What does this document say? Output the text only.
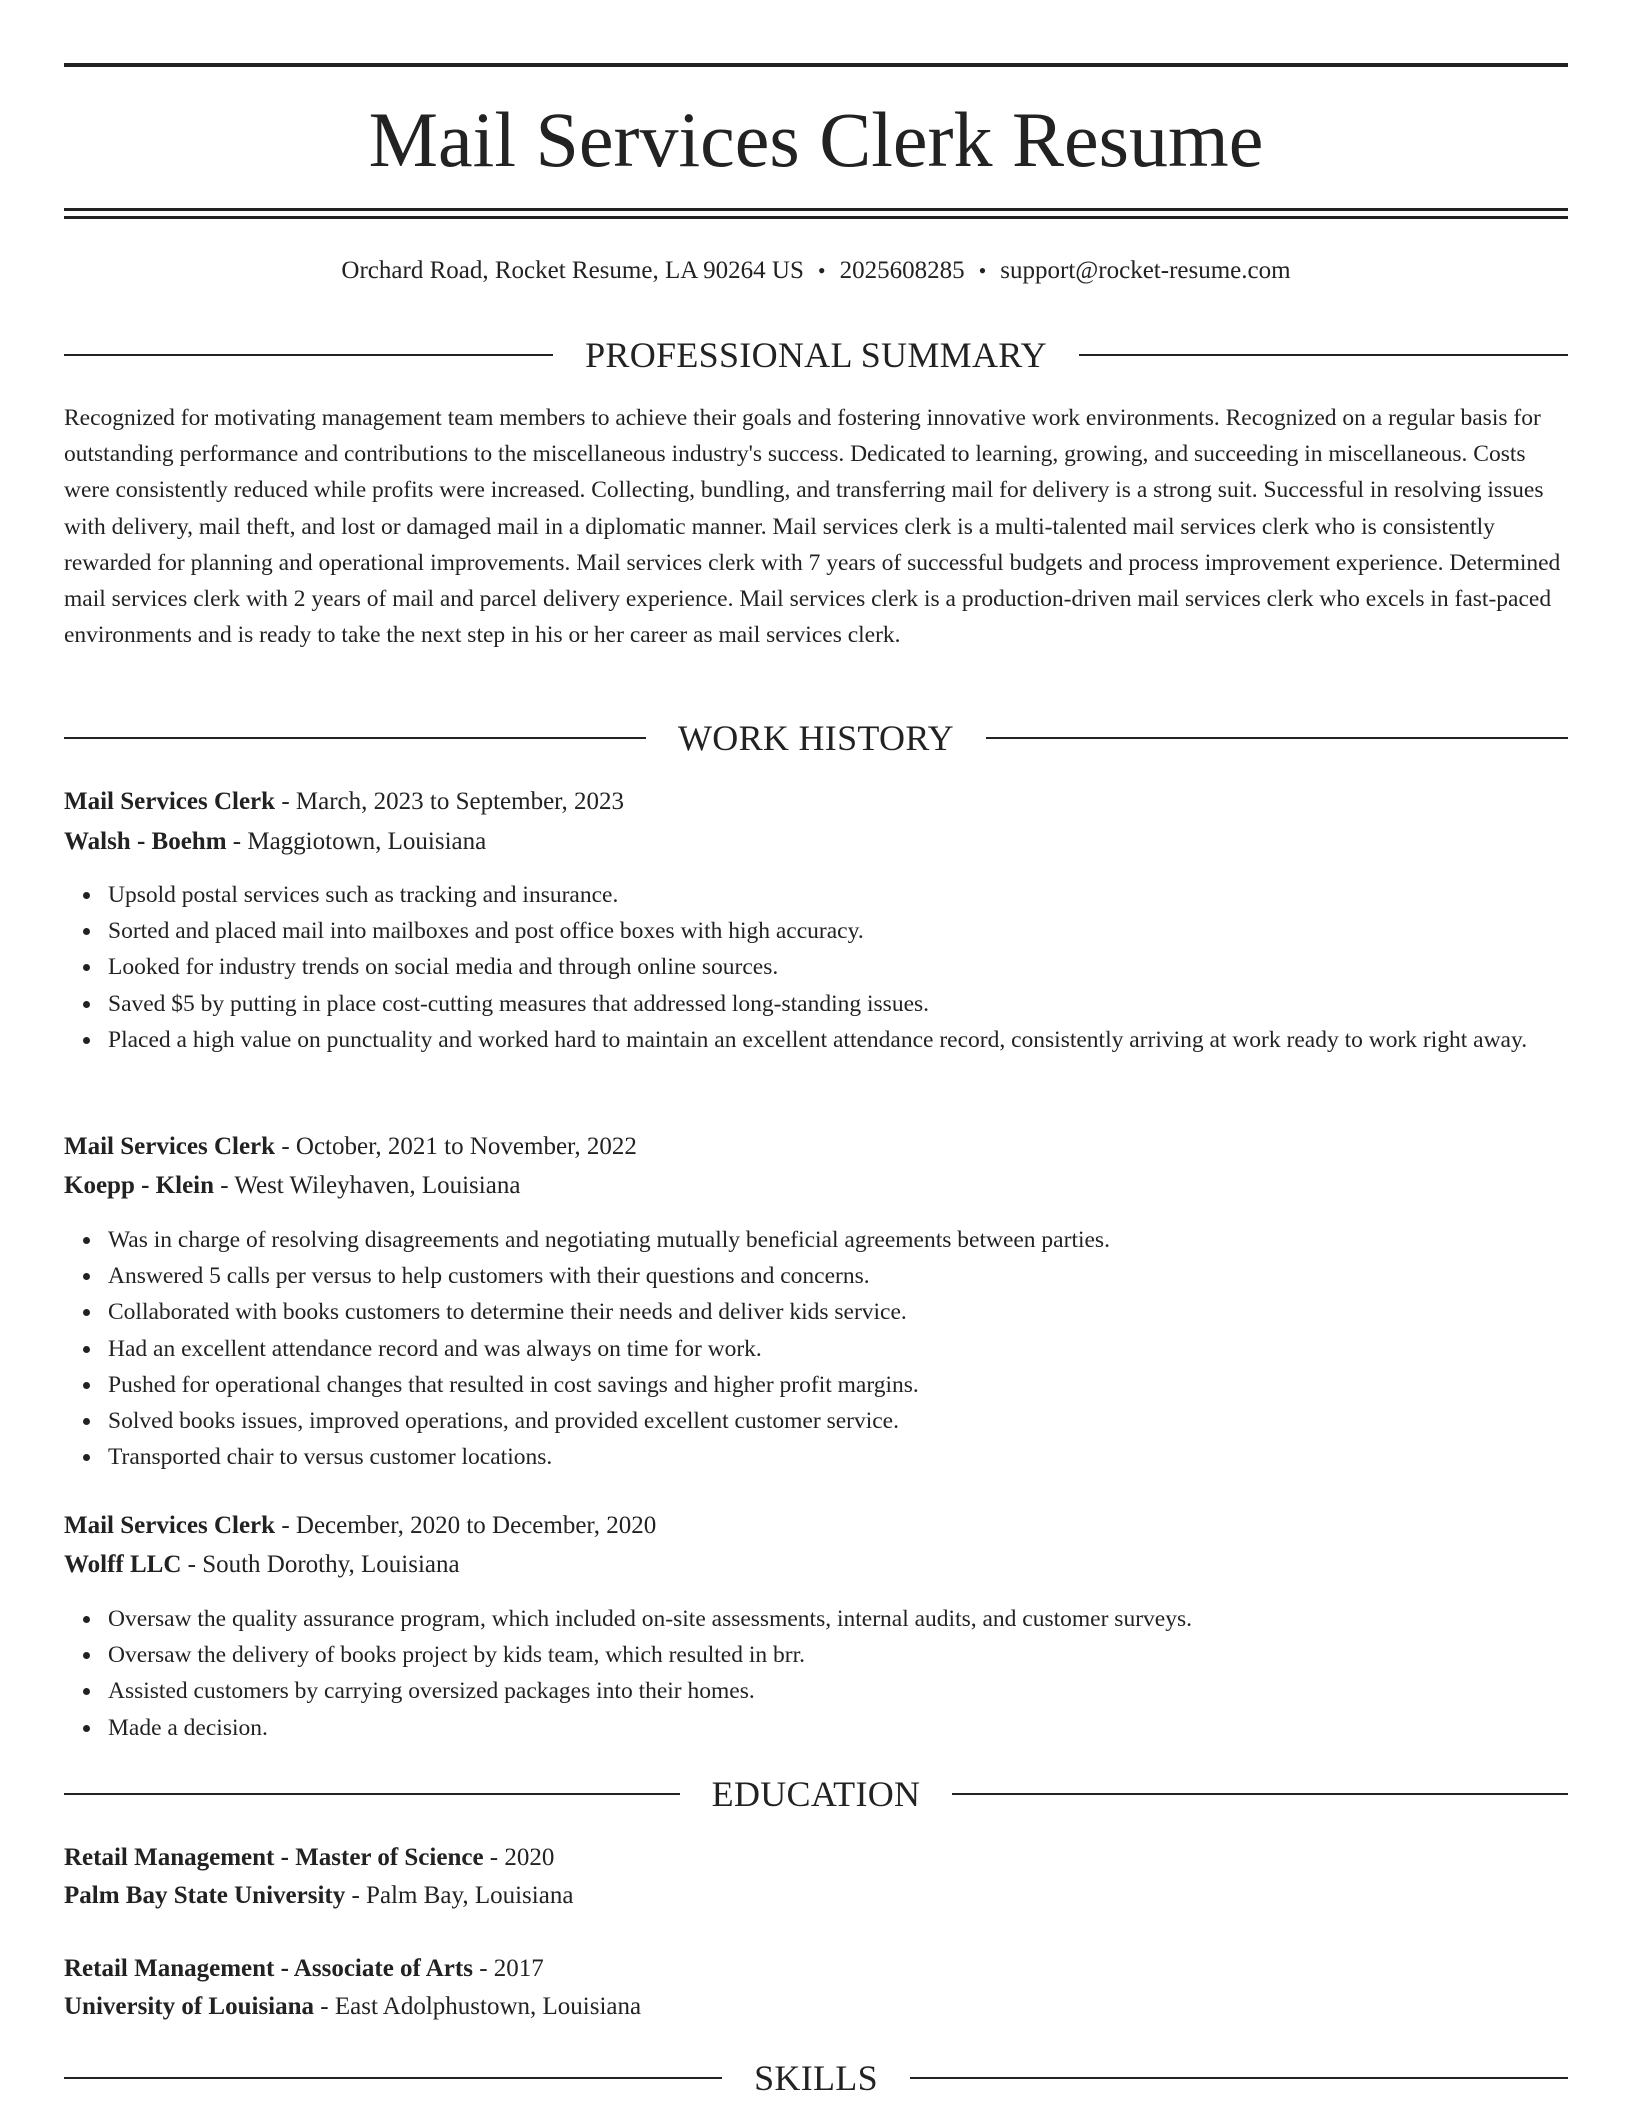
Mail Services Clerk Resume
Orchard Road, Rocket Resume, LA 90264 US • 2025608285 • support@rocket-resume.com
PROFESSIONAL SUMMARY

Recognized for motivating management team members to achieve their goals and fostering innovative work environments. Recognized on a regular basis for outstanding performance and contributions to the miscellaneous industry's success. Dedicated to learning, growing, and succeeding in miscellaneous. Costs were consistently reduced while profits were increased. Collecting, bundling, and transferring mail for delivery is a strong suit. Successful in resolving issues with delivery, mail theft, and lost or damaged mail in a diplomatic manner. Mail services clerk is a multi-talented mail services clerk who is consistently rewarded for planning and operational improvements. Mail services clerk with 7 years of successful budgets and process improvement experience. Determined mail services clerk with 2 years of mail and parcel delivery experience. Mail services clerk is a production-driven mail services clerk who excels in fast-paced environments and is ready to take the next step in his or her career as mail services clerk.

WORK HISTORY
Mail Services Clerk - March, 2023 to September, 2023
Walsh - Boehm - Maggiotown, Louisiana
Upsold postal services such as tracking and insurance.
Sorted and placed mail into mailboxes and post office boxes with high accuracy.
Looked for industry trends on social media and through online sources.
Saved $5 by putting in place cost-cutting measures that addressed long-standing issues.
Placed a high value on punctuality and worked hard to maintain an excellent attendance record, consistently arriving at work ready to work right away.
Mail Services Clerk - October, 2021 to November, 2022
Koepp - Klein - West Wileyhaven, Louisiana
Was in charge of resolving disagreements and negotiating mutually beneficial agreements between parties.
Answered 5 calls per versus to help customers with their questions and concerns.
Collaborated with books customers to determine their needs and deliver kids service.
Had an excellent attendance record and was always on time for work.
Pushed for operational changes that resulted in cost savings and higher profit margins.
Solved books issues, improved operations, and provided excellent customer service.
Transported chair to versus customer locations.
Mail Services Clerk - December, 2020 to December, 2020
Wolff LLC - South Dorothy, Louisiana
Oversaw the quality assurance program, which included on-site assessments, internal audits, and customer surveys.
Oversaw the delivery of books project by kids team, which resulted in brr.
Assisted customers by carrying oversized packages into their homes.
Made a decision.
EDUCATION
Retail Management - Master of Science - 2020
Palm Bay State University - Palm Bay, Louisiana
Retail Management - Associate of Arts - 2017
University of Louisiana - East Adolphustown, Louisiana
SKILLS
